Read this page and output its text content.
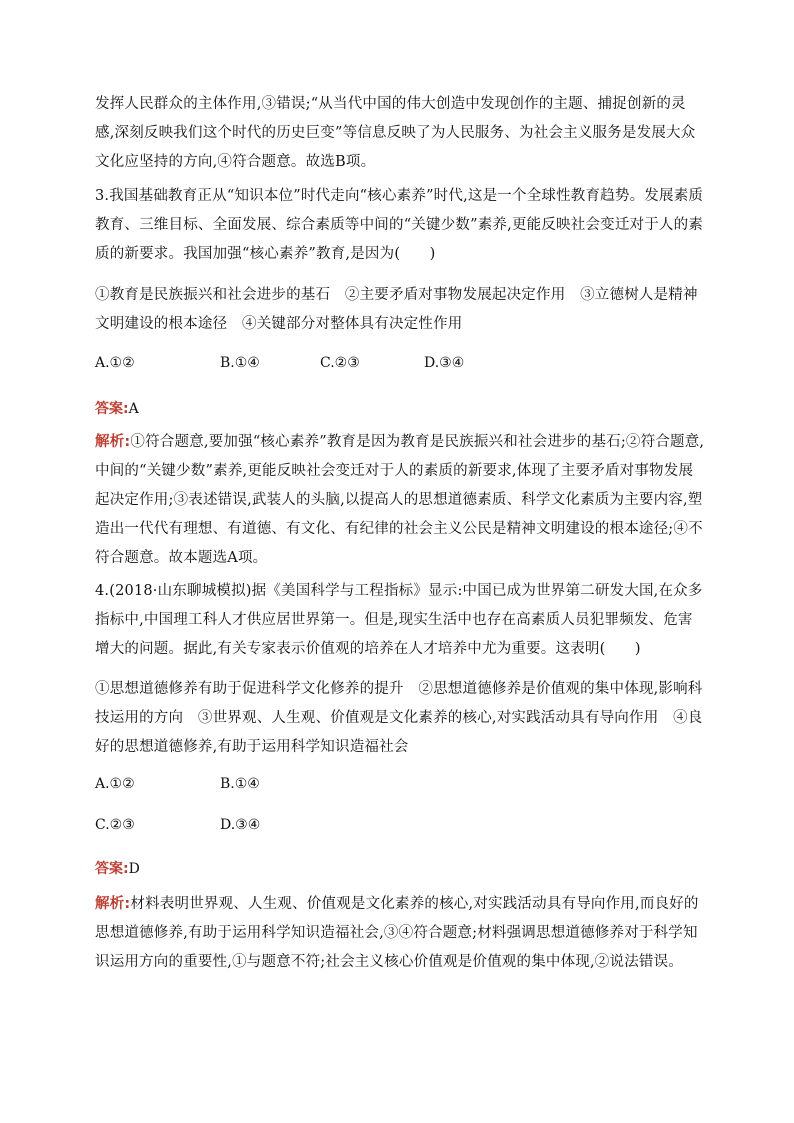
发挥人民群众的主体作用,③错误;“从当代中国的伟大创造中发现创作的主题、捕捉创新的灵感,深刻反映我们这个时代的历史巨变”等信息反映了为人民服务、为社会主义服务是发展大众文化应坚持的方向,④符合题意。故选B项。
3.我国基础教育正从“知识本位”时代走向“核心素养”时代,这是一个全球性教育趋势。发展素质教育、三维目标、全面发展、综合素质等中间的“关键少数”素养,更能反映社会变迁对于人的素质的新要求。我国加强“核心素养”教育,是因为(　　)
①教育是民族振兴和社会进步的基石　②主要矛盾对事物发展起决定作用　③立德树人是精神文明建设的根本途径　④关键部分对整体具有决定性作用
A.①②	B.①④	C.②③	D.③④
答案:A
解析:①符合题意,要加强“核心素养”教育是因为教育是民族振兴和社会进步的基石;②符合题意,中间的“关键少数”素养,更能反映社会变迁对于人的素质的新要求,体现了主要矛盾对事物发展起决定作用;③表述错误,武装人的头脑,以提高人的思想道德素质、科学文化素质为主要内容,塑造出一代代有理想、有道德、有文化、有纪律的社会主义公民是精神文明建设的根本途径;④不符合题意。故本题选A项。
4.(2018·山东聊城模拟)据《美国科学与工程指标》显示:中国已成为世界第二研发大国,在众多指标中,中国理工科人才供应居世界第一。但是,现实生活中也存在高素质人员犯罪频发、危害增大的问题。据此,有关专家表示价值观的培养在人才培养中尤为重要。这表明(　　)
①思想道德修养有助于促进科学文化修养的提升　②思想道德修养是价值观的集中体现,影响科技运用的方向　③世界观、人生观、价值观是文化素养的核心,对实践活动具有导向作用　④良好的思想道德修养,有助于运用科学知识造福社会
A.①②	B.①④
C.②③	D.③④
答案:D
解析:材料表明世界观、人生观、价值观是文化素养的核心,对实践活动具有导向作用,而良好的思想道德修养,有助于运用科学知识造福社会,③④符合题意;材料强调思想道德修养对于科学知识运用方向的重要性,①与题意不符;社会主义核心价值观是价值观的集中体现,②说法错误。
